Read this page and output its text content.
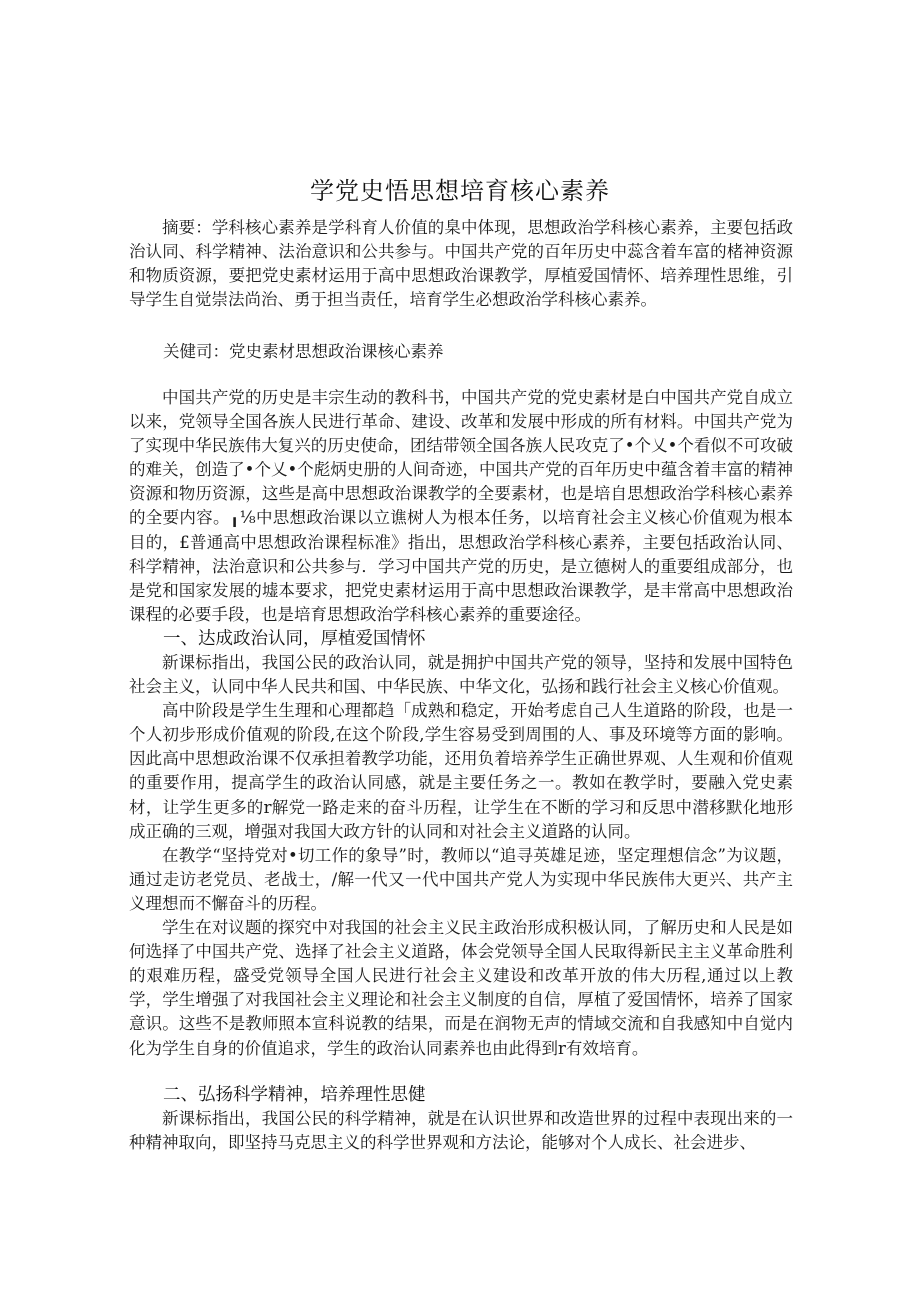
学党史悟思想培育核心素养

摘要：学科核心素养是学科育人价值的臬中体现，思想政治学科核心素养，主要包括政治认同、科学精神、法治意识和公共参与。中国共产党的百年历史中蕊含着车富的楮神资源和物质资源，要把党史素材运用于高中思想政治课教学，厚植爱国情怀、培养理性思维，引导学生自觉崇法尚治、勇于担当责任，培育学生必想政治学科核心素养。

关健司：党史素材思想政治课核心素养

中国共产党的历史是丰宗生动的教科书，中国共产党的党史素材是白中国共产党自成立以来，党领导全国各族人民进行革命、建设、改革和发展中形成的所有材料。中国共产党为了实现中华民族伟大复兴的历史使命，团结带领全国各族人民攻克了•个乂•个看似不可攻破的难关，创造了•个乂•个彪炳史册的人间奇迹，中国共产党的百年历史中蕴含着丰富的精神资源和物历资源，这些是高中思想政治课教学的全要素材，也是培自思想政治学科核心素养的全要内容。╻⅛中思想政治课以立谯树人为根本任务，以培育社会主义核心价值观为根本目的，£普通高中思想政治课程标准》指出，思想政治学科核心素养，主要包括政治认同、科学精神，法治意识和公共参与．学习中国共产党的历史，是立德树人的重要组成部分，也是党和国家发展的墟本要求，把党史素材运用于高中思想政治课教学，是丰常高中思想政治课程的必要手段，也是培育思想政治学科核心素养的重要途径。

一、达成政治认同，厚植爱国情怀

新课标指出，我国公民的政治认同，就是拥护中国共产党的领导，坚持和发展中国特色社会主义，认同中华人民共和国、中华民族、中华文化，弘扬和践行社会主义核心价值观。

高中阶段是学生生理和心理都趋「成熟和稳定，开始考虑自己人生道路的阶段，也是一个人初步形成价值观的阶段,在这个阶段,学生容易受到周围的人、事及环境等方面的影响。因此高中思想政治课不仅承担着教学功能，还用负着培养学生正确世界观、人生观和价值观的重要作用，提高学生的政治认同感，就是主要任务之一。教如在教学时，要融入党史素材，让学生更多的r解党一路走来的奋斗历程，让学生在不断的学习和反思中潜移默化地形成正确的三观，增强对我国大政方针的认同和对社会主义道路的认同。

在教学“坚持党对•切工作的象导”时，教师以“追寻英雄足迹，坚定理想信念”为议题，通过走访老党员、老战士，/解一代又一代中国共产党人为实现中华民族伟大更兴、共产主义理想而不懈奋斗的历程。

学生在对议题的探究中对我国的社会主义民主政治形成积极认同，了解历史和人民是如何选择了中国共产党、选择了社会主义道路，体会党领导全国人民取得新民主主义革命胜利的艰难历程，盛受党领导全国人民进行社会主义建设和改革开放的伟大历程,通过以上教学，学生增强了对我国社会主义理论和社会主义制度的自信，厚植了爱国情怀，培养了国家意识。这些不是教师照本宣科说教的结果，而是在润物无声的情域交流和自我感知中自觉内化为学生自身的价值追求，学生的政治认同素养也由此得到r有效培育。

二、弘扬科学精神，培养理性思健

新课标指出，我国公民的科学精神，就是在认识世界和改造世界的过程中表现出来的一种精神取向，即坚持马克思主义的科学世界观和方法论，能够对个人成长、社会进步、
